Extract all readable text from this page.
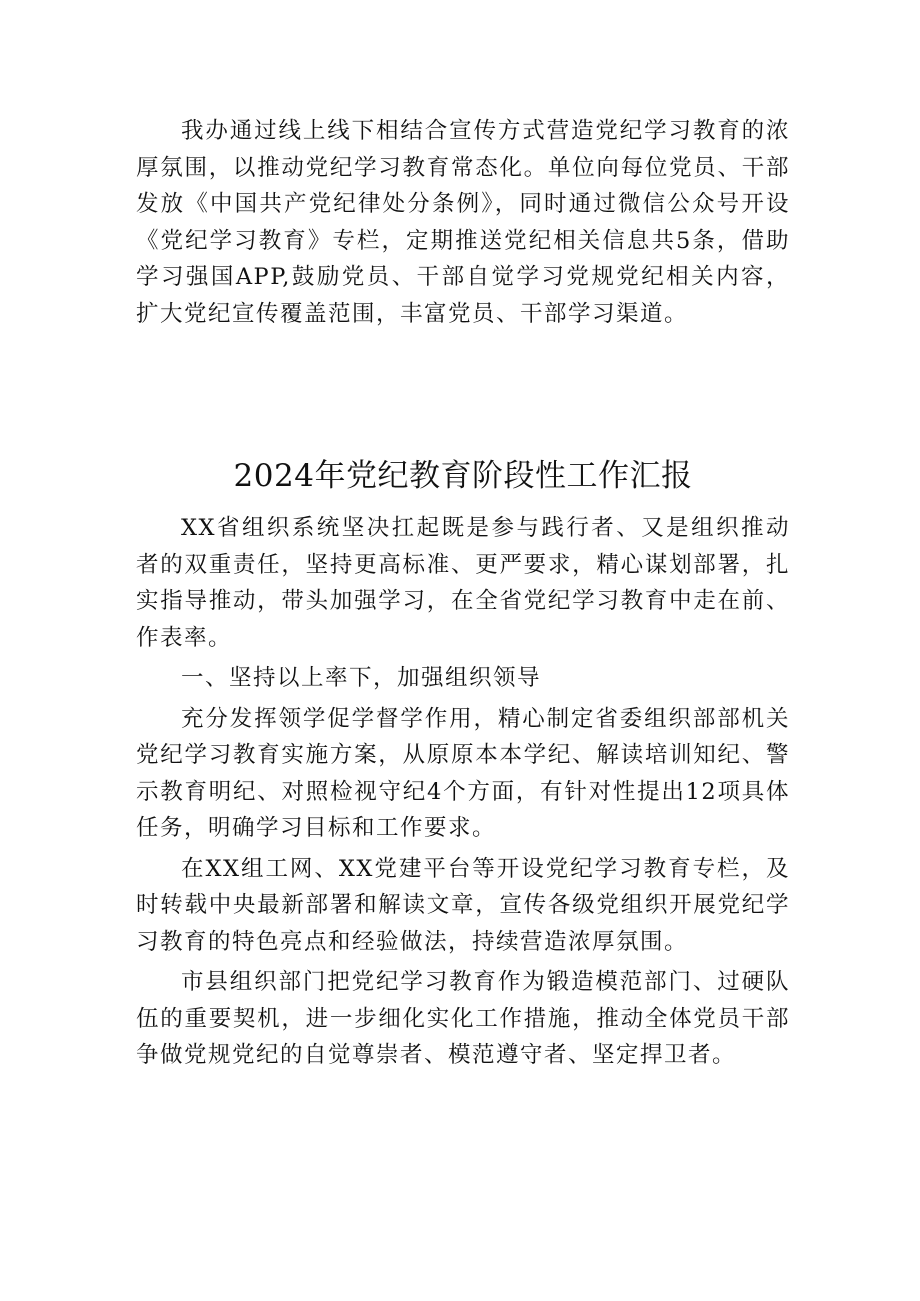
我办通过线上线下相结合宣传方式营造党纪学习教育的浓厚氛围，以推动党纪学习教育常态化。单位向每位党员、干部发放《中国共产党纪律处分条例》，同时通过微信公众号开设《党纪学习教育》专栏，定期推送党纪相关信息共5条，借助学习强国APP,鼓励党员、干部自觉学习党规党纪相关内容，扩大党纪宣传覆盖范围，丰富党员、干部学习渠道。

2024年党纪教育阶段性工作汇报

XX省组织系统坚决扛起既是参与践行者、又是组织推动者的双重责任，坚持更高标准、更严要求，精心谋划部署，扎实指导推动，带头加强学习，在全省党纪学习教育中走在前、作表率。

一、坚持以上率下，加强组织领导

充分发挥领学促学督学作用，精心制定省委组织部部机关党纪学习教育实施方案，从原原本本学纪、解读培训知纪、警示教育明纪、对照检视守纪4个方面，有针对性提出12项具体任务，明确学习目标和工作要求。

在XX组工网、XX党建平台等开设党纪学习教育专栏，及时转载中央最新部署和解读文章，宣传各级党组织开展党纪学习教育的特色亮点和经验做法，持续营造浓厚氛围。

市县组织部门把党纪学习教育作为锻造模范部门、过硬队伍的重要契机，进一步细化实化工作措施，推动全体党员干部争做党规党纪的自觉尊崇者、模范遵守者、坚定捍卫者。
